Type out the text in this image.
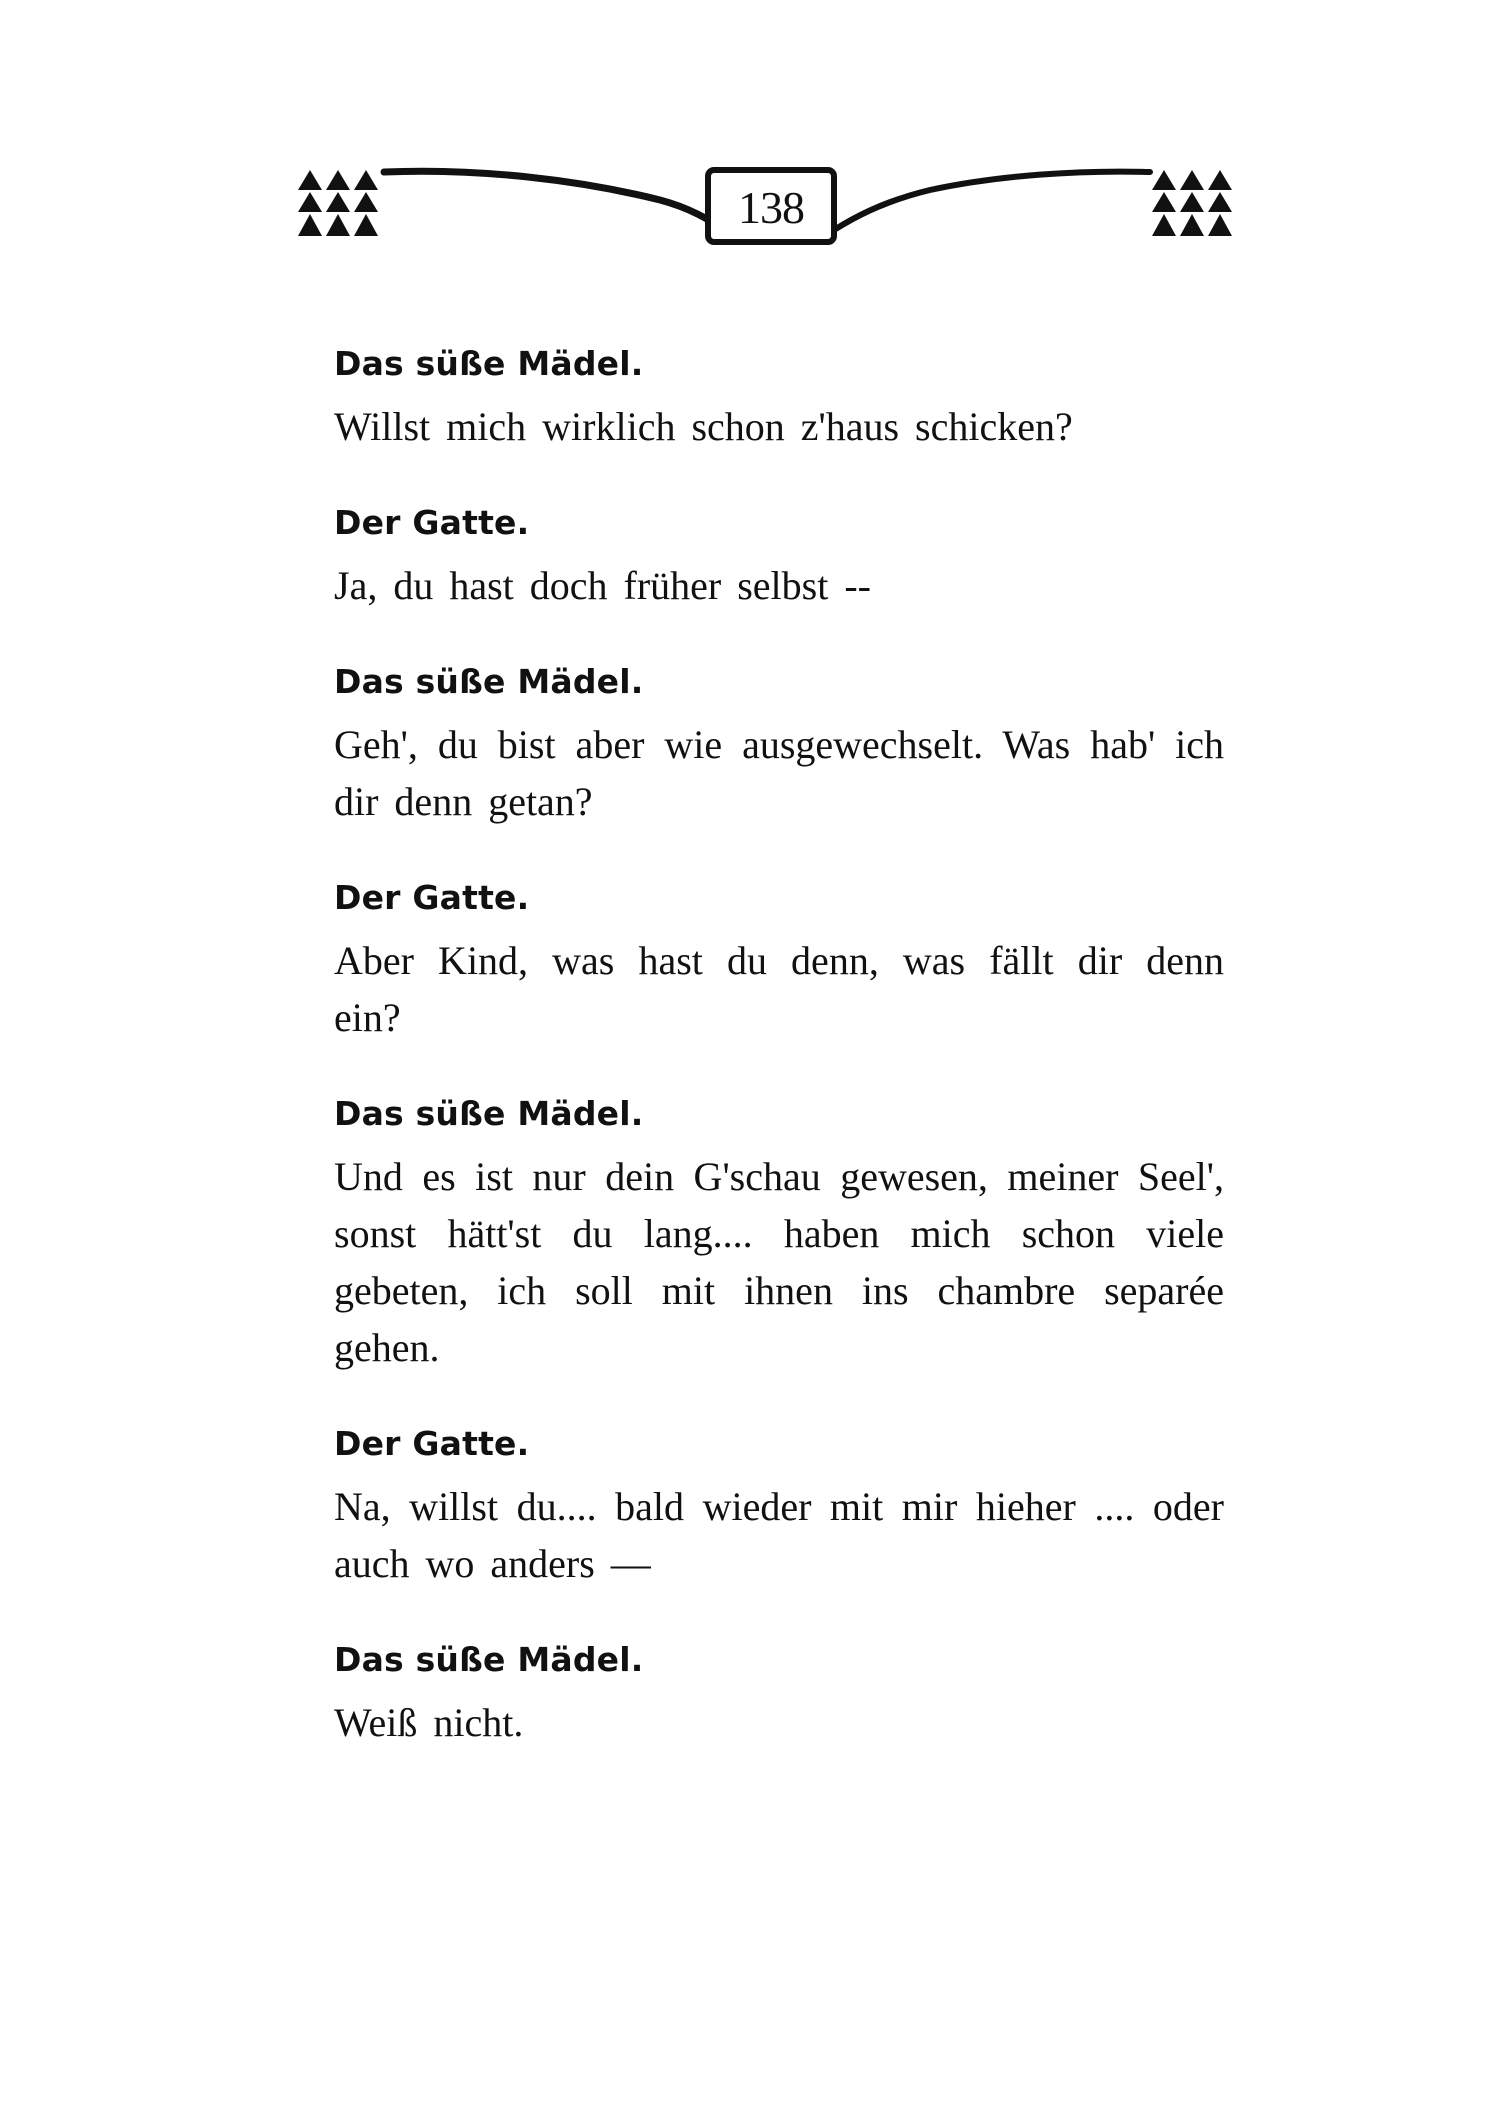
138

Das süße Mädel.

Willst mich wirklich schon z'haus schicken?

Der Gatte.

Ja, du hast doch früher selbst --

Das süße Mädel.

Geh', du bist aber wie ausgewechselt. Was hab' ich dir denn getan?

Der Gatte.

Aber Kind, was hast du denn, was fällt dir denn ein?

Das süße Mädel.

Und es ist nur dein G'schau gewesen, meiner Seel', sonst hätt'st du lang.... haben mich schon viele gebeten, ich soll mit ihnen ins chambre separée gehen.

Der Gatte.

Na, willst du.... bald wieder mit mir hieher .... oder auch wo anders —

Das süße Mädel.

Weiß nicht.
